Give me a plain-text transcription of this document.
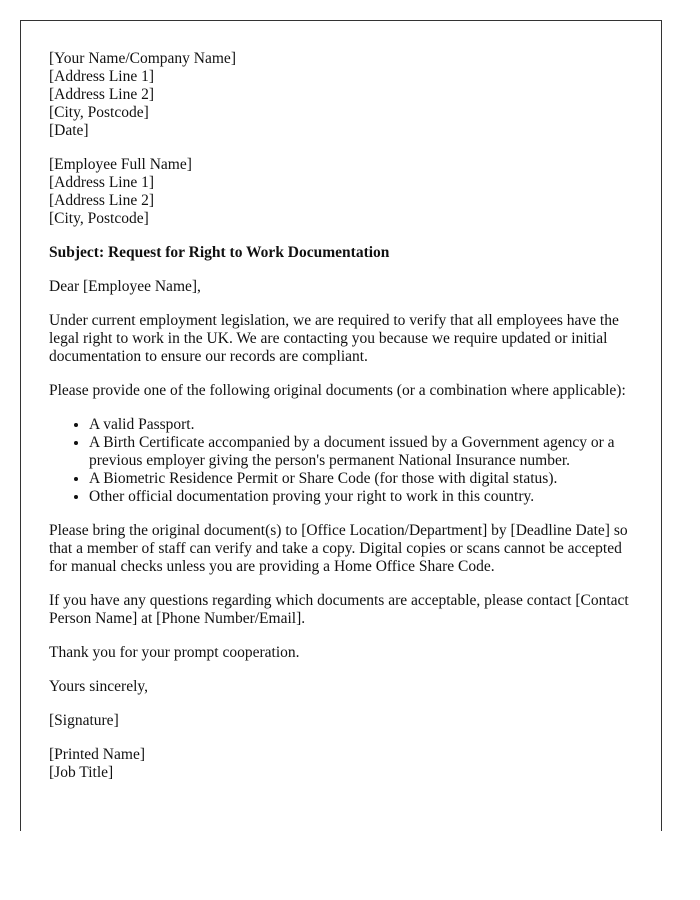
[Your Name/Company Name]
[Address Line 1]
[Address Line 2]
[City, Postcode]
[Date]

[Employee Full Name]
[Address Line 1]
[Address Line 2]
[City, Postcode]

Subject: Request for Right to Work Documentation

Dear [Employee Name],

Under current employment legislation, we are required to verify that all employees have the legal right to work in the UK. We are contacting you because we require updated or initial documentation to ensure our records are compliant.

Please provide one of the following original documents (or a combination where applicable):

• A valid Passport.
• A Birth Certificate accompanied by a document issued by a Government agency or a previous employer giving the person's permanent National Insurance number.
• A Biometric Residence Permit or Share Code (for those with digital status).
• Other official documentation proving your right to work in this country.

Please bring the original document(s) to [Office Location/Department] by [Deadline Date] so that a member of staff can verify and take a copy. Digital copies or scans cannot be accepted for manual checks unless you are providing a Home Office Share Code.

If you have any questions regarding which documents are acceptable, please contact [Contact Person Name] at [Phone Number/Email].

Thank you for your prompt cooperation.

Yours sincerely,

[Signature]

[Printed Name]
[Job Title]
